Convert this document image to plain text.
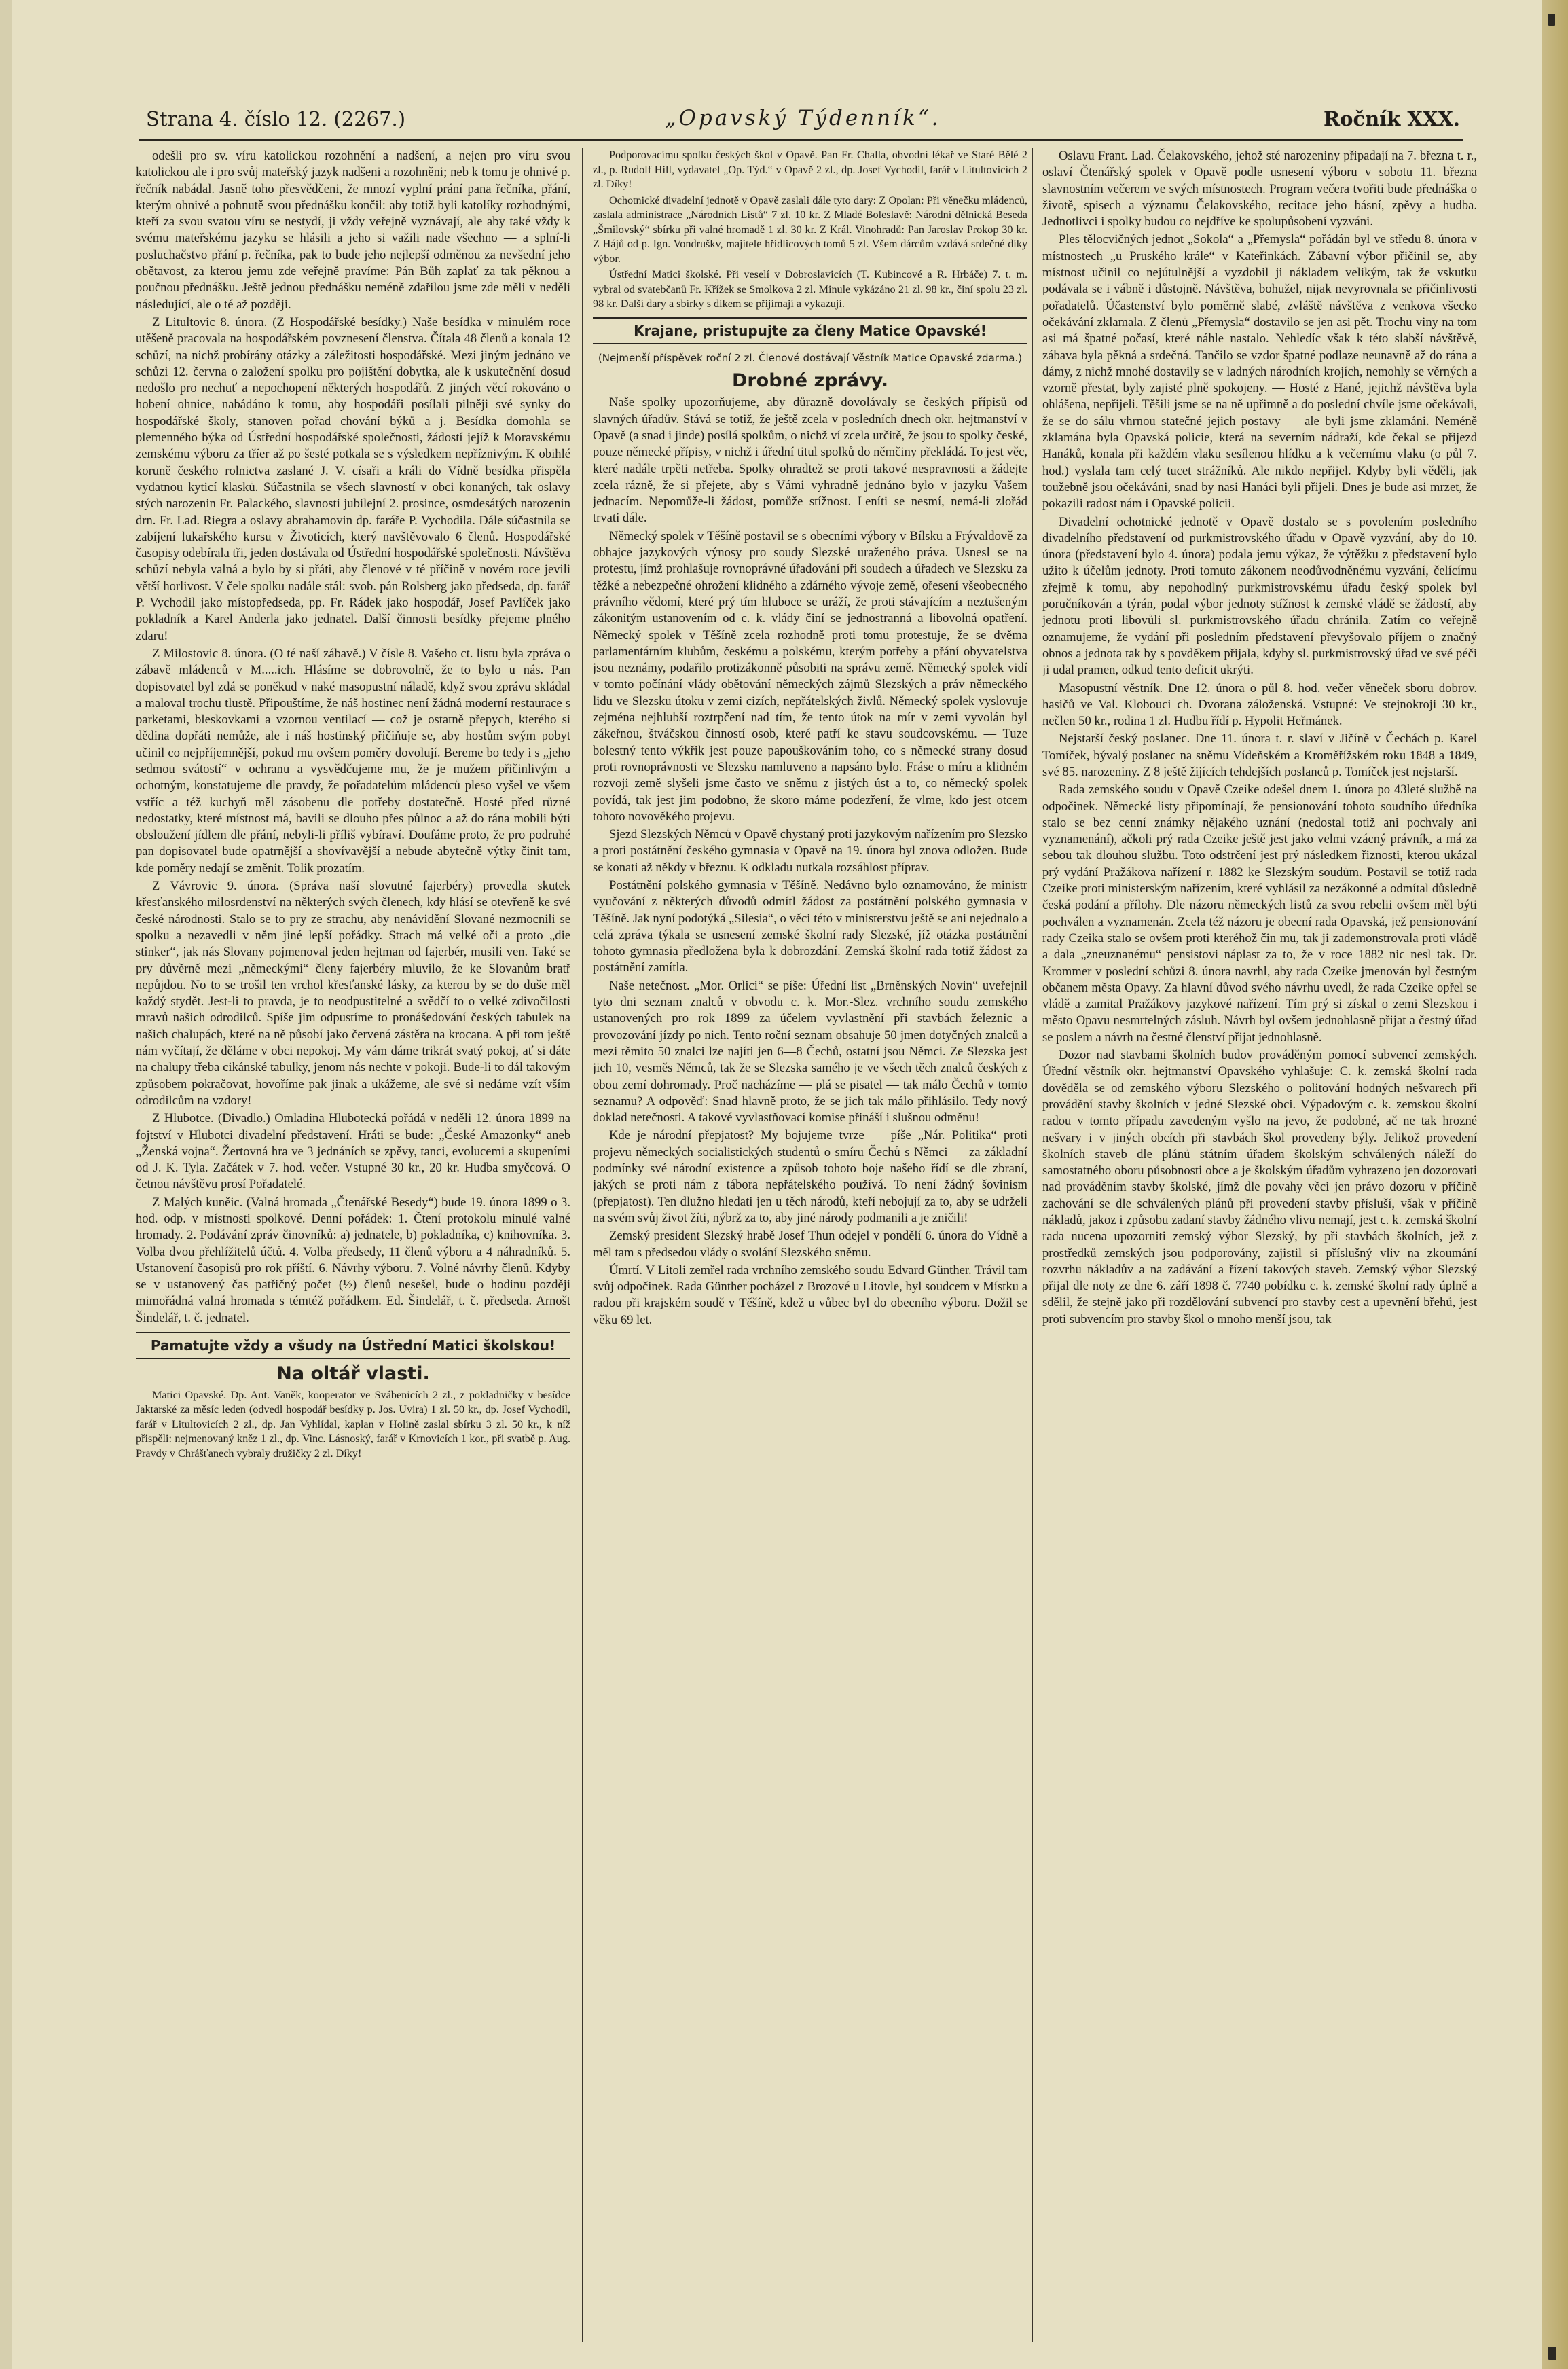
Strana 4. číslo 12. (2267.)	„Opavský Týdenník“.	Ročník XXX.

odešli pro sv. víru katolickou rozohnění a nadšení, a nejen pro víru svou katolickou ale i pro svůj mateřský jazyk nadšeni a rozohněni; neb k tomu je ohnivé p. řečník nabádal. Jasně toho přesvědčeni, že mnozí vyplní prání pana řečníka, přání, kterým ohnivé a pohnutě svou přednášku končil: aby totiž byli katolíky rozhodnými, kteří za svou svatou víru se nestydí, ji vždy veřejně vyznávají, ale aby také vždy k svému mateřskému jazyku se hlásili a jeho si važili nade všechno — a splní-li posluchačstvo přání p. řečníka, pak to bude jeho nejlepší odměnou za nevšední jeho obětavost, za kterou jemu zde veřejně pravíme: Pán Bůh zaplať za tak pěknou a poučnou přednášku. Ještě jednou přednášku neméně zdařilou jsme zde měli v neděli následující, ale o té až později.

Z Litultovic 8. února. (Z Hospodářské besídky.) Naše besídka v minulém roce utěšeně pracovala na hospodářském povznesení členstva. Čítala 48 členů a konala 12 schůzí, na nichž probírány otázky a záležitosti hospodářské. Mezi jiným jednáno ve schůzi 12. června o založení spolku pro pojištění dobytka, ale k uskutečnění dosud nedošlo pro nechuť a nepochopení některých hospodářů. Z jiných věcí rokováno o hobení ohnice, nabádáno k tomu, aby hospodáři posílali pilněji své synky do hospodářské školy, stanoven pořad chování býků a j. Besídka domohla se plemenného býka od Ústřední hospodářské společnosti, žádostí jejíž k Moravskému zemskému výboru za tříer až po šesté potkala se s výsledkem nepříznivým. K obihlé koruně českého rolnictva zaslané J. V. císaři a králi do Vídně besídka přispěla vydatnou kyticí klasků. Súčastnila se všech slavností v obci konaných, tak oslavy stých narozenin Fr. Palackého, slavnosti jubilejní 2. prosince, osmdesátých narozenin drn. Fr. Lad. Riegra a oslavy abrahamovin dp. faráře P. Vychodila. Dále súčastnila se zabíjení lukařského kursu v Životicích, který navštěvovalo 6 členů. Hospodářské časopisy odebírala tři, jeden dostávala od Ústřední hospodářské společnosti. Návštěva schůzí nebyla valná a bylo by si přáti, aby členové v té příčině v novém roce jevili větší horlivost. V čele spolku nadále stál: svob. pán Rolsberg jako předseda, dp. farář P. Vychodil jako místopředseda, pp. Fr. Rádek jako hospodář, Josef Pavlíček jako pokladník a Karel Anderla jako jednatel. Další činnosti besídky přejeme plného zdaru!

Z Milostovic 8. února. (O té naší zábavě.) V čísle 8. Vašeho ct. listu byla zpráva o zábavě mládenců v M.....ich. Hlásíme se dobrovolně, že to bylo u nás. Pan dopisovatel byl zdá se poněkud v naké masopustní náladě, když svou zprávu skládal a maloval trochu tlustě. Připouštíme, že náš hostinec není žádná moderní restaurace s parketami, bleskovkami a vzornou ventilací — což je ostatně přepych, kterého si dědina dopřáti nemůže, ale i náš hostinský přičiňuje se, aby hostům svým pobyt učinil co nejpříjemnější, pokud mu ovšem poměry dovolují. Bereme bo tedy i s „jeho sedmou svátostí“ v ochranu a vysvědčujeme mu, že je mužem přičinlivým a ochotným, konstatujeme dle pravdy, že pořadatelům mládenců pleso vyšel ve všem vstříc a též kuchyň měl zásobenu dle potřeby dostatečně. Hosté před různé nedostatky, které místnost má, bavili se dlouho přes půlnoc a až do rána mobili býti obsloužení jídlem dle přání, nebyli-li příliš vybíraví. Doufáme proto, že pro podruhé pan dopisovatel bude opatrnější a shovívavější a nebude abytečně výtky činit tam, kde poměry nedají se změnit. Tolik prozatím.

Z Vávrovic 9. února. (Správa naší slovutné fajerbéry) provedla skutek křesťanského milosrdenství na některých svých členech, kdy hlásí se otevřeně ke své české národnosti. Stalo se to pry ze strachu, aby nenávidění Slované nezmocnili se spolku a nezavedli v něm jiné lepší pořádky. Strach má velké oči a proto „die stinker“, jak nás Slovany pojmenoval jeden hejtman od fajerbér, musili ven. Také se pry důvěrně mezi „německými“ členy fajerbéry mluvilo, že ke Slovanům bratř nepůjdou. No to se trošil ten vrchol křesťanské lásky, za kterou by se do duše měl každý stydět. Jest-li to pravda, je to neodpustitelné a svědčí to o velké zdivočilosti mravů našich odrodilců. Spíše jim odpustíme to pronášedování českých tabulek na našich chalupách, které na ně působí jako červená zástěra na krocana. A při tom ještě nám vyčítají, že děláme v obci nepokoj. My vám dáme trikrát svatý pokoj, ať si dáte na chalupy třeba cikánské tabulky, jenom nás nechte v pokoji. Bude-li to dál takovým způsobem pokračovat, hovoříme pak jinak a ukážeme, ale své si nedáme vzít vším odrodilcům na vzdory!

Z Hlubotce. (Divadlo.) Omladina Hlubotecká pořádá v neděli 12. února 1899 na fojtství v Hlubotci divadelní představení. Hráti se bude: „České Amazonky“ aneb „Ženská vojna“. Žertovná hra ve 3 jednáních se zpěvy, tanci, evolucemi a skupeními od J. K. Tyla. Začátek v 7. hod. večer. Vstupné 30 kr., 20 kr. Hudba smyčcová. O četnou návštěvu prosí Pořadatelé.

Z Malých kuněic. (Valná hromada „Čtenářské Besedy“) bude 19. února 1899 o 3. hod. odp. v místnosti spolkové. Denní pořádek: 1. Čtení protokolu minulé valné hromady. 2. Podávání zpráv činovníků: a) jednatele, b) pokladníka, c) knihovníka. 3. Volba dvou přehlížitelů účtů. 4. Volba předsedy, 11 členů výboru a 4 náhradníků. 5. Ustanovení časopisů pro rok příští. 6. Návrhy výboru. 7. Volné návrhy členů. Kdyby se v ustanovený čas patřičný počet (½) členů nesešel, bude o hodinu později mimořádná valná hromada s témtéž pořádkem. Ed. Šindelář, t. č. předseda. Arnošt Šindelář, t. č. jednatel.

Pamatujte vždy a všudy na Ústřední Matici školskou!
Na oltář vlasti.

Matici Opavské. Dp. Ant. Vaněk, kooperator ve Svábenicích 2 zl., z pokladničky v besídce Jaktarské za měsíc leden (odvedl hospodář besídky p. Jos. Uvira) 1 zl. 50 kr., dp. Josef Vychodil, farář v Litultovicích 2 zl., dp. Jan Vyhlídal, kaplan v Holině zaslal sbírku 3 zl. 50 kr., k níž přispěli: nejmenovaný kněz 1 zl., dp. Vinc. Lásnoský, farář v Krnovicích 1 kor., při svatbě p. Aug. Pravdy v Chrášťanech vybraly družičky 2 zl. Díky!

Podporovacímu spolku českých škol v Opavě. Pan Fr. Challa, obvodní lékař ve Staré Bělé 2 zl., p. Rudolf Hill, vydavatel „Op. Týd.“ v Opavě 2 zl., dp. Josef Vychodil, farář v Litultovicích 2 zl. Díky!

Ochotnické divadelní jednotě v Opavě zaslali dále tyto dary: Z Opolan: Při věnečku mládenců, zaslala administrace „Národních Listů“ 7 zl. 10 kr. Z Mladé Boleslavě: Národní dělnická Beseda „Šmilovský“ sbírku při valné hromadě 1 zl. 30 kr. Z Král. Vinohradů: Pan Jaroslav Prokop 30 kr. Z Hájů od p. Ign. Vondruškv, majitele hřídlicových tomů 5 zl. Všem dárcům vzdává srdečné díky výbor.

Ústřední Matici školské. Při veselí v Dobroslavicích (T. Kubincové a R. Hrbáče) 7. t. m. vybral od svatebčanů Fr. Křížek se Smolkova 2 zl. Minule vykázáno 21 zl. 98 kr., činí spolu 23 zl. 98 kr. Další dary a sbírky s díkem se přijímají a vykazují.

Krajane, pristupujte za členy Matice Opavské!
(Nejmenší příspěvek roční 2 zl. Členové dostávají Věstník Matice Opavské zdarma.)
Drobné zprávy.

Naše spolky upozorňujeme, aby důrazně dovolávaly se českých přípisů od slavných úřadův. Stává se totiž, že ještě zcela v posledních dnech okr. hejtmanství v Opavě (a snad i jinde) posílá spolkům, o nichž ví zcela určitě, že jsou to spolky české, pouze německé přípisy, v nichž i úřední titul spolků do němčiny překládá. To jest věc, které nadále trpěti netřeba. Spolky ohradtež se proti takové nespravnosti a žádejte zcela rázně, že si přejete, aby s Vámi vyhradně jednáno bylo v jazyku Vašem jednacím. Nepomůže-li žádost, pomůže stížnost. Leníti se nesmí, nemá-li zlořád trvati dále.

Německý spolek v Těšíně postavil se s obecními výbory v Bílsku a Frývaldově za obhajce jazykových výnosy pro soudy Slezské uraženého práva. Usnesl se na protestu, jímž prohlašuje rovnoprávné úřadování při soudech a úřadech ve Slezsku za těžké a nebezpečné ohrožení klidného a zdárného vývoje země, ořesení všeobecného právního vědomí, které prý tím hluboce se uráží, že proti stávajícím a neztušeným zákonitým ustanovením od c. k. vlády činí se jednostranná a libovolná opatření. Německý spolek v Těšíně zcela rozhodně proti tomu protestuje, že se dvěma parlamentárním klubům, českému a polskému, kterým potřeby a přání obyvatelstva jsou neznámy, podařilo protizákonně působiti na správu země. Německý spolek vidí v tomto počínání vlády obětování německých zájmů Slezských a práv německého lidu ve Slezsku útoku v zemi cizích, nepřátelských živlů. Německý spolek vyslovuje zejména nejhlubší roztrpčení nad tím, že tento útok na mír v zemi vyvolán byl zákeřnou, štváčskou činností osob, které patří ke stavu soudcovskému. — Tuze bolestný tento výkřik jest pouze papouškováním toho, co s německé strany dosud proti rovnoprávnosti ve Slezsku namluveno a napsáno bylo. Fráse o míru a klidném rozvoji země slyšeli jsme často ve sněmu z jistých úst a to, co německý spolek povídá, tak jest jim podobno, že skoro máme podezření, že vlme, kdo jest otcem tohoto novověkého projevu.

Sjezd Slezských Němců v Opavě chystaný proti jazykovým nařízením pro Slezsko a proti postátnění českého gymnasia v Opavě na 19. února byl znova odložen. Bude se konati až někdy v březnu. K odkladu nutkala rozsáhlost příprav.

Postátnění polského gymnasia v Těšíně. Nedávno bylo oznamováno, že ministr vyučování z některých důvodů odmítl žádost za postátnění polského gymnasia v Těšíně. Jak nyní podotýká „Silesia“, o věci této v ministerstvu ještě se ani nejednalo a celá zpráva týkala se usnesení zemské školní rady Slezské, jíž otázka postátnění tohoto gymnasia předložena byla k dobrozdání. Zemská školní rada totiž žádost za postátnění zamítla.

Naše netečnost. „Mor. Orlici“ se píše: Úřední list „Brněnských Novin“ uveřejnil tyto dni seznam znalců v obvodu c. k. Mor.-Slez. vrchního soudu zemského ustanovených pro rok 1899 za účelem vyvlastnění při stavbách železnic a provozování jízdy po nich. Tento roční seznam obsahuje 50 jmen dotyčných znalců a mezi těmito 50 znalci lze najíti jen 6—8 Čechů, ostatní jsou Němci. Ze Slezska jest jich 10, vesměs Němců, tak že se Slezska samého je ve všech těch znalců českých z obou zemí dohromady. Proč nacházíme — plá se pisatel — tak málo Čechů v tomto seznamu? A odpověď: Snad hlavně proto, že se jich tak málo přihlásilo. Tedy nový doklad netečnosti. A takové vyvlastňovací komise přináší i slušnou odměnu!

Kde je národní přepjatost? My bojujeme tvrze — píše „Nár. Politika“ proti projevu německých socialistických studentů o smíru Čechů s Němci — za základní podmínky své národní existence a způsob tohoto boje našeho řídí se dle zbraní, jakých se proti nám z tábora nepřátelského používá. To není žádný šovinism (přepjatost). Ten dlužno hledati jen u těch národů, kteří nebojují za to, aby se udrželi na svém svůj život žíti, nýbrž za to, aby jiné národy podmanili a je zničili!

Zemský president Slezský hrabě Josef Thun odejel v pondělí 6. února do Vídně a měl tam s předsedou vlády o svolání Slezského sněmu.

Úmrtí. V Litoli zemřel rada vrchního zemského soudu Edvard Günther. Trávil tam svůj odpočinek. Rada Günther pocházel z Brozové u Litovle, byl soudcem v Místku a radou při krajském soudě v Těšíně, kdež u vůbec byl do obecního výboru. Dožil se věku 69 let.

Oslavu Frant. Lad. Čelakovského, jehož sté narozeniny připadají na 7. března t. r., oslaví Čtenářský spolek v Opavě podle usnesení výboru v sobotu 11. března slavnostním večerem ve svých místnostech. Program večera tvořiti bude přednáška o životě, spisech a významu Čelakovského, recitace jeho básní, zpěvy a hudba. Jednotlivci i spolky budou co nejdříve ke spolupůsobení vyzváni.

Ples tělocvičných jednot „Sokola“ a „Přemysla“ pořádán byl ve středu 8. února v místnostech „u Pruského krále“ v Kateřinkách. Zábavní výbor přičinil se, aby místnost učinil co nejútulnější a vyzdobil ji nákladem velikým, tak že vskutku podávala se i vábně i důstojně. Návštěva, bohužel, nijak nevyrovnala se přičinlivosti pořadatelů. Účastenství bylo poměrně slabé, zvláště návštěva z venkova všecko očekávání zklamala. Z členů „Přemysla“ dostavilo se jen asi pět. Trochu viny na tom asi má špatné počasí, které náhle nastalo. Nehledíc však k této slabší návštěvě, zábava byla pěkná a srdečná. Tančilo se vzdor špatné podlaze neunavně až do rána a dámy, z nichž mnohé dostavily se v ladných národních krojích, nemohly se věrných a vzorně přestat, byly zajisté plně spokojeny. — Hosté z Hané, jejichž návštěva byla ohlášena, nepřijeli. Těšili jsme se na ně upřimně a do poslední chvíle jsme očekávali, že se do sálu vhrnou statečné jejich postavy — ale byli jsme zklamáni. Neméně zklamána byla Opavská policie, která na severním nádraží, kde čekal se přijezd Hanáků, konala při každém vlaku sesílenou hlídku a k večernímu vlaku (o půl 7. hod.) vyslala tam celý tucet strážníků. Ale nikdo nepřijel. Kdyby byli věděli, jak toužebně jsou očekáváni, snad by nasi Hanáci byli přijeli. Dnes je bude asi mrzet, že pokazili radost nám i Opavské policii.

Divadelní ochotnické jednotě v Opavě dostalo se s povolením posledního divadelního představení od purkmistrovského úřadu v Opavě vyzvání, aby do 10. února (představení bylo 4. února) podala jemu výkaz, že výtěžku z představení bylo užito k účelům jednoty. Proti tomuto zákonem neodůvodněnému vyzvání, čelícímu zřejmě k tomu, aby nepohodlný purkmistrovskému úřadu český spolek byl poručníkován a týrán, podal výbor jednoty stížnost k zemské vládě se žádostí, aby jednotu proti libovůli sl. purkmistrovského úřadu chránila. Zatím co veřejně oznamujeme, že vydání při posledním představení převyšovalo příjem o značný obnos a jednota tak by s povděkem přijala, kdyby sl. purkmistrovský úřad ve své péči ji udal pramen, odkud tento deficit ukrýti.

Masopustní věstník. Dne 12. února o půl 8. hod. večer věneček sboru dobrov. hasičů ve Val. Klobouci ch. Dvorana záloženská. Vstupné: Ve stejnokroji 30 kr., nečlen 50 kr., rodina 1 zl. Hudbu řídí p. Hypolit Heřmánek.

Nejstarší český poslanec. Dne 11. února t. r. slaví v Jičíně v Čechách p. Karel Tomíček, bývalý poslanec na sněmu Vídeňském a Kroměřížském roku 1848 a 1849, své 85. narozeniny. Z 8 ještě žijících tehdejších poslanců p. Tomíček jest nejstarší.

Rada zemského soudu v Opavě Czeike odešel dnem 1. února po 43leté službě na odpočinek. Německé listy připomínají, že pensionování tohoto soudního úředníka stalo se bez cenní známky nějakého uznání (nedostal totiž ani pochvaly ani vyznamenání), ačkoli prý rada Czeike ještě jest jako velmi vzácný právník, a má za sebou tak dlouhou službu. Toto odstrčení jest prý následkem řiznosti, kterou ukázal prý vydání Pražákova nařízení r. 1882 ke Slezským soudům. Postavil se totiž rada Czeike proti ministerským nařízením, které vyhlásil za nezákonné a odmítal důsledně česká podání a přílohy. Dle názoru německých listů za svou rebelii ovšem měl býti pochválen a vyznamenán. Zcela též názoru je obecní rada Opavská, jež pensionování rady Czeika stalo se ovšem proti kteréhož čin mu, tak ji zademonstrovala proti vládě a dala „zneuznanému“ pensistovi náplast za to, že v roce 1882 nic nesl tak. Dr. Krommer v poslední schůzi 8. února navrhl, aby rada Czeike jmenován byl čestným občanem města Opavy. Za hlavní důvod svého návrhu uvedl, že rada Czeike opřel se vládě a zamital Pražákovy jazykové nařízení. Tím prý si získal o zemi Slezskou i město Opavu nesmrtelných zásluh. Návrh byl ovšem jednohlasně přijat a čestný úřad se poslem a návrh na čestné členství přijat jednohlasně.

Dozor nad stavbami školních budov prováděným pomocí subvencí zemských. Úřední věstník okr. hejtmanství Opavského vyhlašuje: C. k. zemská školní rada dověděla se od zemského výboru Slezského o politování hodných nešvarech při provádění stavby školních v jedné Slezské obci. Výpadovým c. k. zemskou školní radou v tomto případu zavedeným vyšlo na jevo, že podobné, ač ne tak hrozné nešvary i v jiných obcích při stavbách škol provedeny býly. Jelikož provedení školních staveb dle plánů státním úřadem školským schválených náleží do samostatného oboru působnosti obce a je školským úřadům vyhrazeno jen dozorovati nad prováděním stavby školské, jímž dle povahy věci jen právo dozoru v příčině zachování se dle schválených plánů při provedení stavby přísluší, však v příčině nákladů, jakoz i způsobu zadaní stavby žádného vlivu nemají, jest c. k. zemská školní rada nucena upozorniti zemský výbor Slezský, by při stavbách školních, jež z prostředků zemských jsou podporovány, zajistil si příslušný vliv na zkoumání rozvrhu nákladův a na zadávání a řízení takových staveb. Zemský výbor Slezský přijal dle noty ze dne 6. září 1898 č. 7740 pobídku c. k. zemské školní rady úplně a sdělil, že stejně jako při rozdělování subvencí pro stavby cest a upevnění břehů, jest proti subvencím pro stavby škol o mnoho menší jsou, tak
